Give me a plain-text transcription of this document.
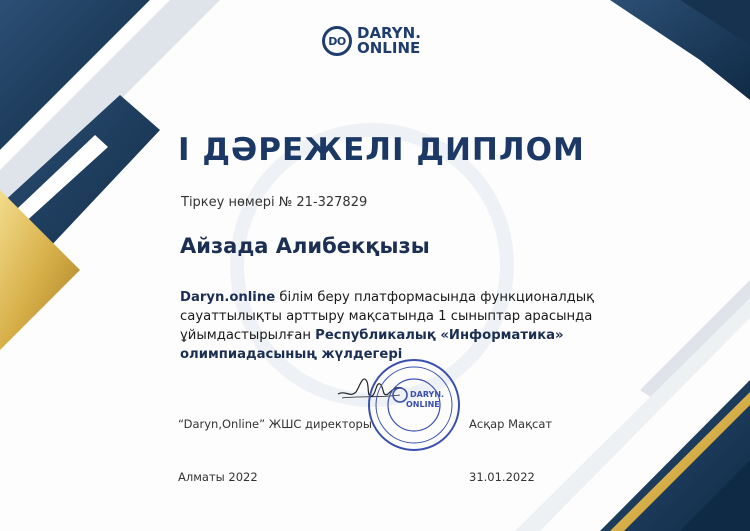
DO DARYN.
ONLINE
I ДӘРЕЖЕЛІ ДИПЛОМ
Тіркеу нөмері № 21-327829
Айзада Алибекқызы
Daryn.online білім беру платформасында функционалдық сауаттылықты арттыру мақсатында 1 сыныптар арасында ұйымдастырылған Республикалық «Информатика» олимпиадасының жүлдегері
DARYN.
ONLINE
“Daryn,Online” ЖШС директоры	Асқар Мақсат
Алматы 2022	31.01.2022
